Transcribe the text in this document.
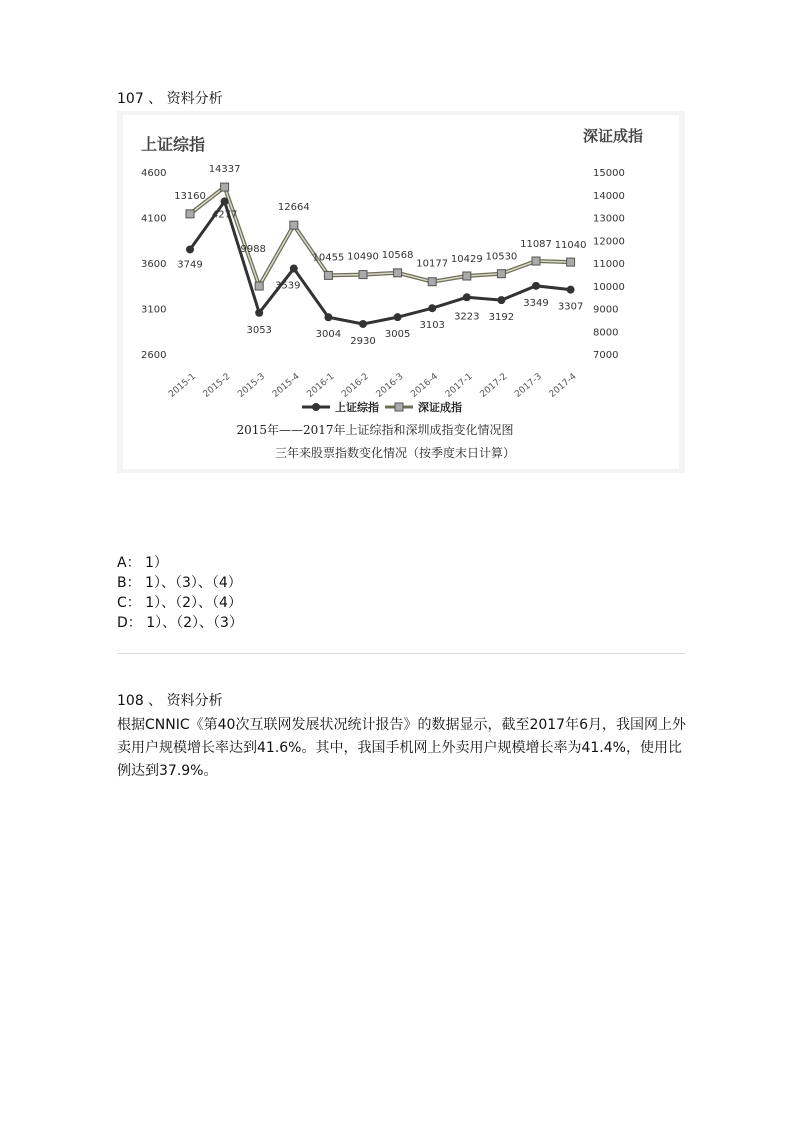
107 、 资料分析
上证综指	深证成指
2600
3100
3600
4100
4600
7000
8000
9000
10000
11000
12000
13000
14000
15000
2015-1 2015-2 2015-3 2015-4 2016-1 2016-2 2016-3 2016-4 2017-1 2017-2 2017-3 2017-4
13160
14337
9988
12664
10455 10490 10568
10177 10429 10530
11087 11040
3749
4277
3053
3539
3004
2930
3005
3103
3223 3192
3349 3307
上证综指	深证成指
2015年——2017年上证综指和深圳成指变化情况图
三年来股票指数变化情况（按季度末日计算）
A： 1）
B： 1）、（3）、（4）
C： 1）、（2）、（4）
D： 1）、（2）、（3）
108 、 资料分析
根据CNNIC《第40次互联网发展状况统计报告》的数据显示，截至2017年6月，我国网上外卖用户规模增长率达到41.6%。其中，我国手机网上外卖用户规模增长率为41.4%，使用比例达到37.9%。
